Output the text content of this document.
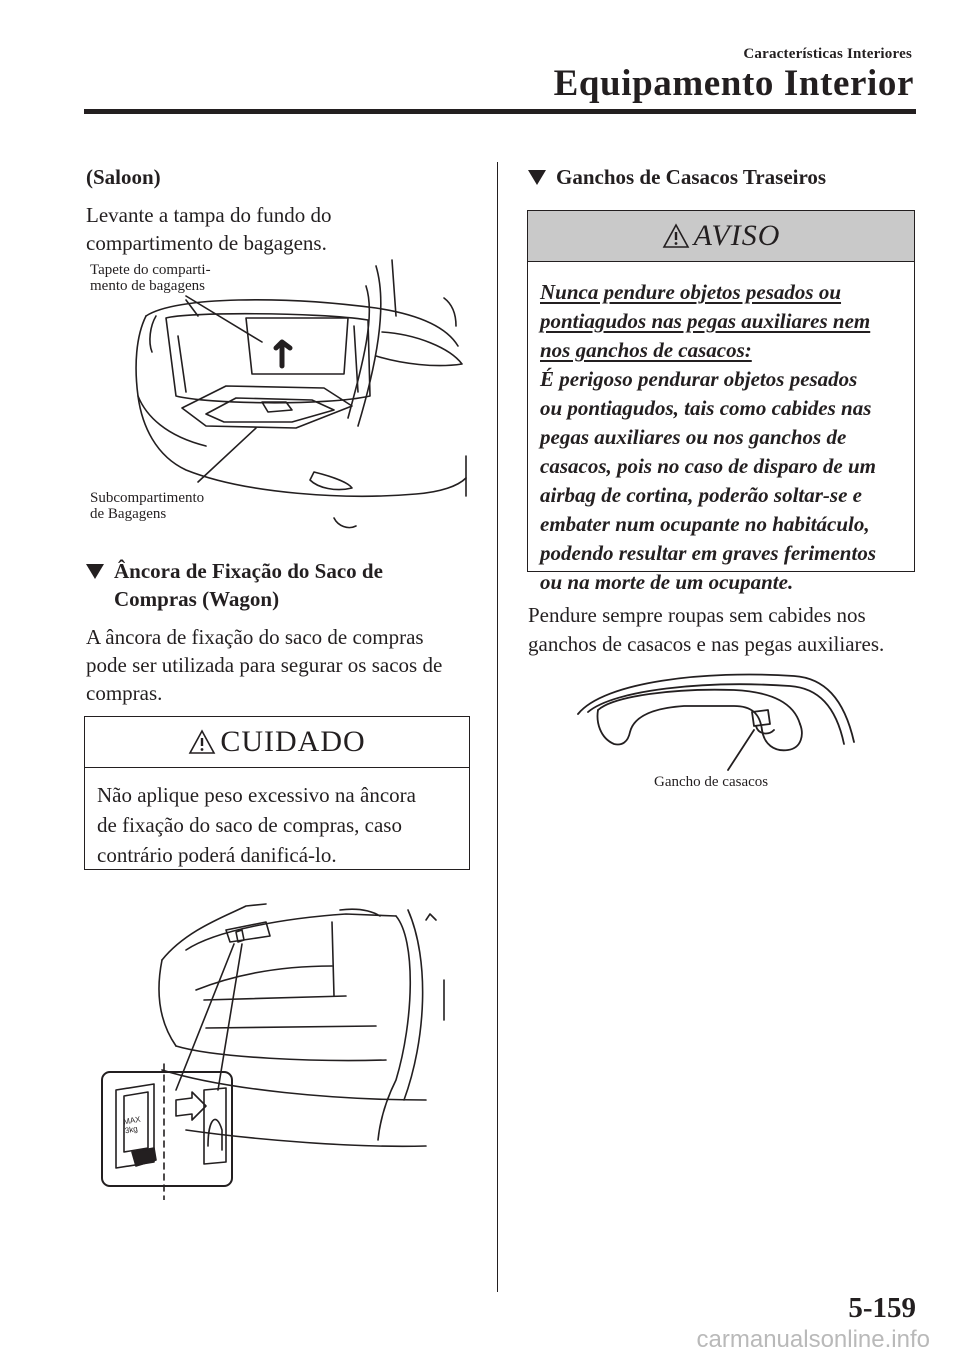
Características Interiores
Equipamento Interior
(Saloon)
Levante a tampa do fundo do
compartimento de bagagens.
Tapete do comparti-
mento de bagagens
Subcompartimento
de Bagagens
Âncora de Fixação do Saco de
Compras (Wagon)
A âncora de fixação do saco de compras
pode ser utilizada para segurar os sacos de
compras.
CUIDADO
Não aplique peso excessivo na âncora
de fixação do saco de compras, caso
contrário poderá danificá-lo.
MAX
3kg
Ganchos de Casacos Traseiros
AVISO
Nunca pendure objetos pesados ou
pontiagudos nas pegas auxiliares nem
nos ganchos de casacos:
É perigoso pendurar objetos pesados
ou pontiagudos, tais como cabides nas
pegas auxiliares ou nos ganchos de
casacos, pois no caso de disparo de um
airbag de cortina, poderão soltar-se e
embater num ocupante no habitáculo,
podendo resultar em graves ferimentos
ou na morte de um ocupante.
Pendure sempre roupas sem cabides nos
ganchos de casacos e nas pegas auxiliares.
Gancho de casacos
5-159
carmanualsonline.info
